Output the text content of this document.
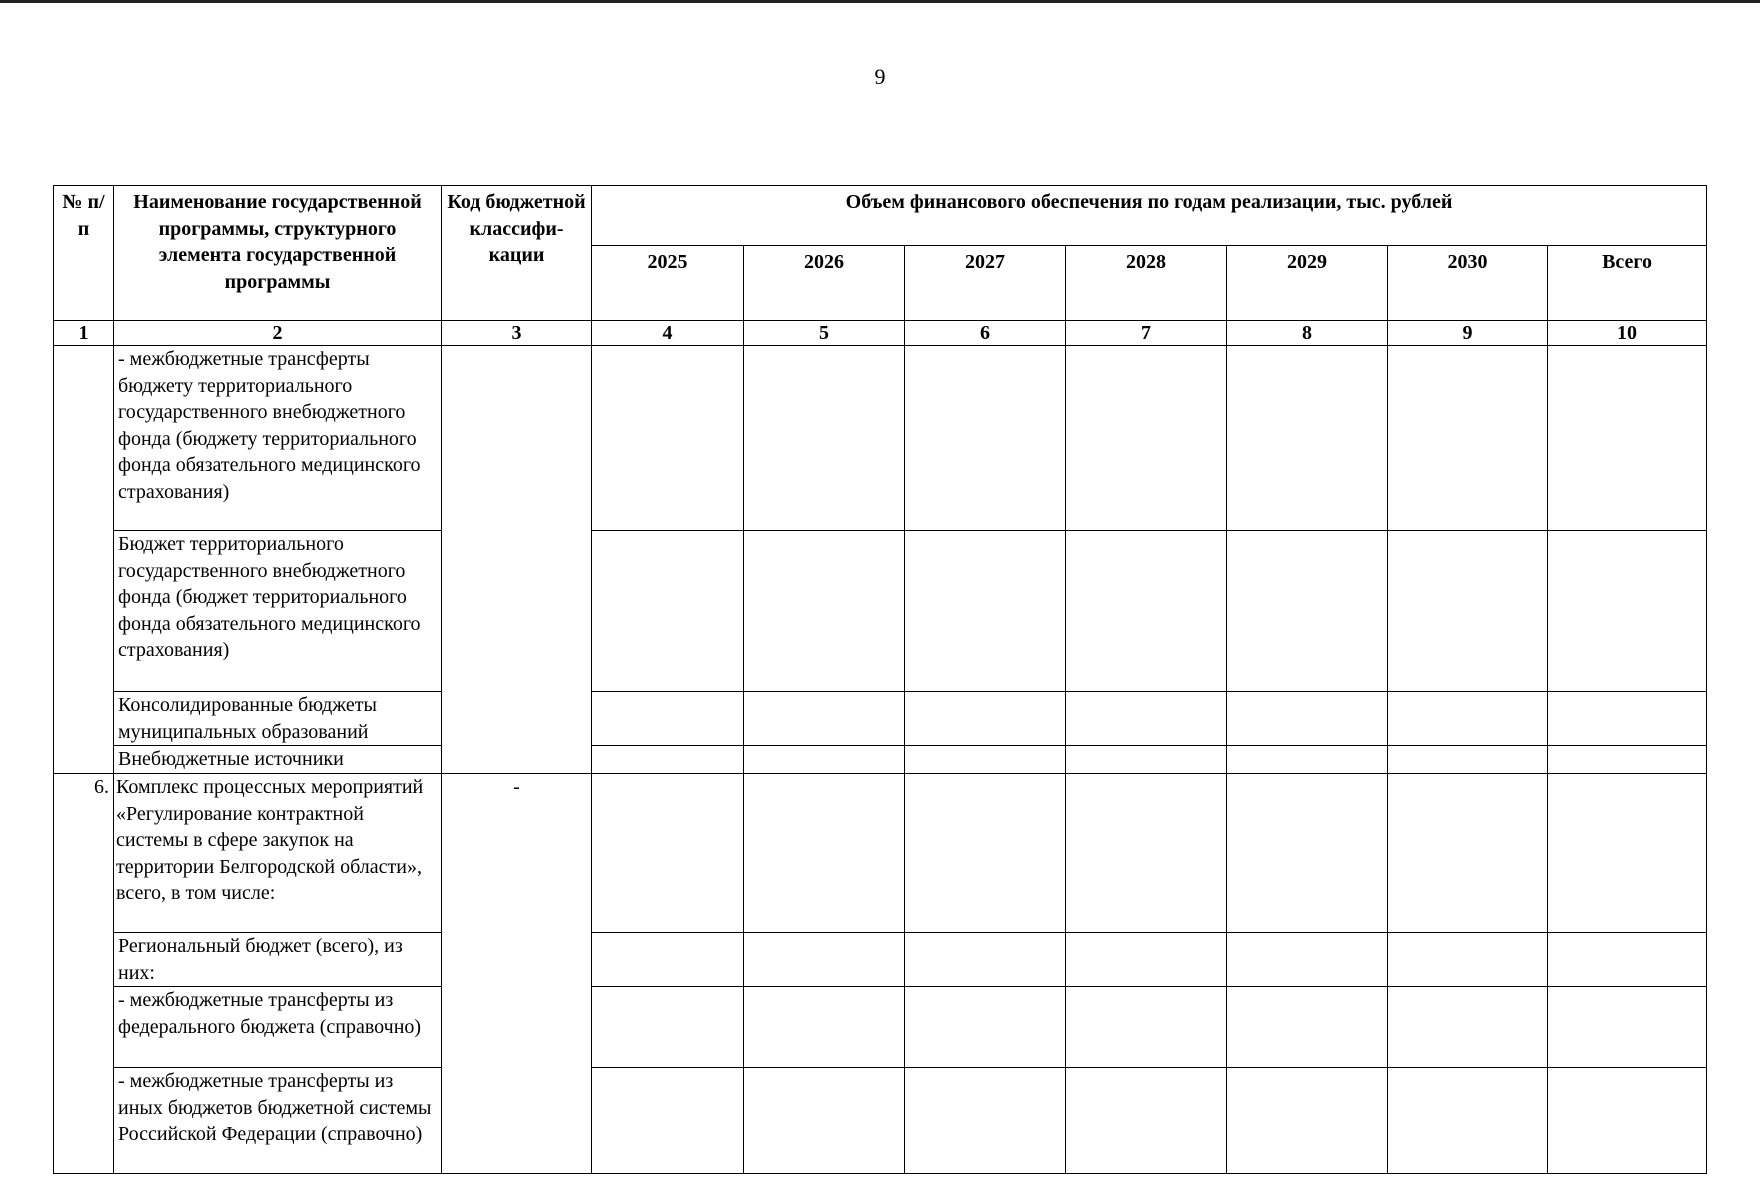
9
№ п/п	Наименование государственной программы, структурного элемента государственной программы	Код бюджетной классифи-кации	Объем финансового обеспечения по годам реализации, тыс. рублей						
			2025	2026	2027	2028	2029	2030	Всего
1	2	3	4	5	6	7	8	9	10
	- межбюджетные трансферты бюджету территориального государственного внебюджетного фонда (бюджету территориального фонда обязательного медицинского страхования)								
	Бюджет территориального государственного внебюджетного фонда (бюджет территориального фонда обязательного медицинского страхования)								
	Консолидированные бюджеты муниципальных образований								
	Внебюджетные источники								
6.	Комплекс процессных мероприятий «Регулирование контрактной системы в сфере закупок на территории Белгородской области», всего, в том числе:	-							
	Региональный бюджет (всего), из них:								
	- межбюджетные трансферты из федерального бюджета (справочно)								
	- межбюджетные трансферты из иных бюджетов бюджетной системы Российской Федерации (справочно)								
